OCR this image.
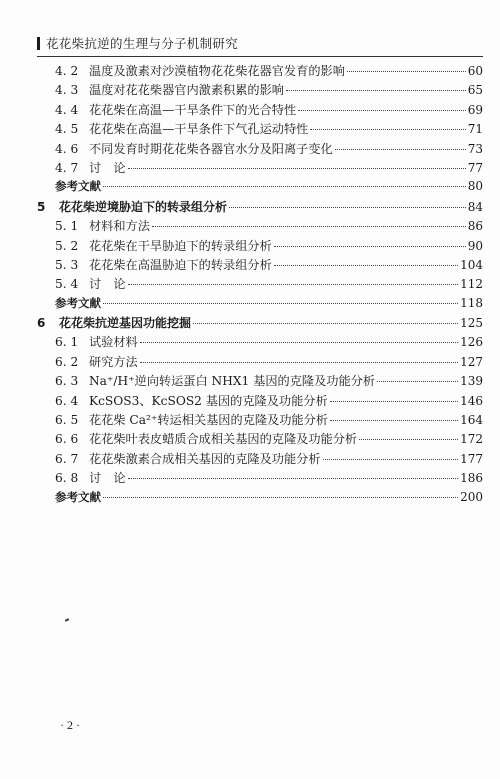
花花柴抗逆的生理与分子机制研究
4. 2 温度及激素对沙漠植物花花柴花器官发育的影响	60
4. 3 温度对花花柴器官内激素积累的影响	65
4. 4 花花柴在高温—干旱条件下的光合特性	69
4. 5 花花柴在高温—干旱条件下气孔运动特性	71
4. 6 不同发育时期花花柴各器官水分及阳离子变化	73
4. 7 讨　论	77
参考文献	80
5	花花柴逆境胁迫下的转录组分析	84
5. 1 材料和方法	86
5. 2 花花柴在干旱胁迫下的转录组分析	90
5. 3 花花柴在高温胁迫下的转录组分析	104
5. 4 讨　论	112
参考文献	118
6	花花柴抗逆基因功能挖掘	125
6. 1 试验材料	126
6. 2 研究方法	127
6. 3 Na⁺/H⁺逆向转运蛋白 NHX1 基因的克隆及功能分析	139
6. 4 KcSOS3、KcSOS2 基因的克隆及功能分析	146
6. 5 花花柴 Ca²⁺转运相关基因的克隆及功能分析	164
6. 6 花花柴叶表皮蜡质合成相关基因的克隆及功能分析	172
6. 7 花花柴激素合成相关基因的克隆及功能分析	177
6. 8 讨　论	186
参考文献	200
· 2 ·
